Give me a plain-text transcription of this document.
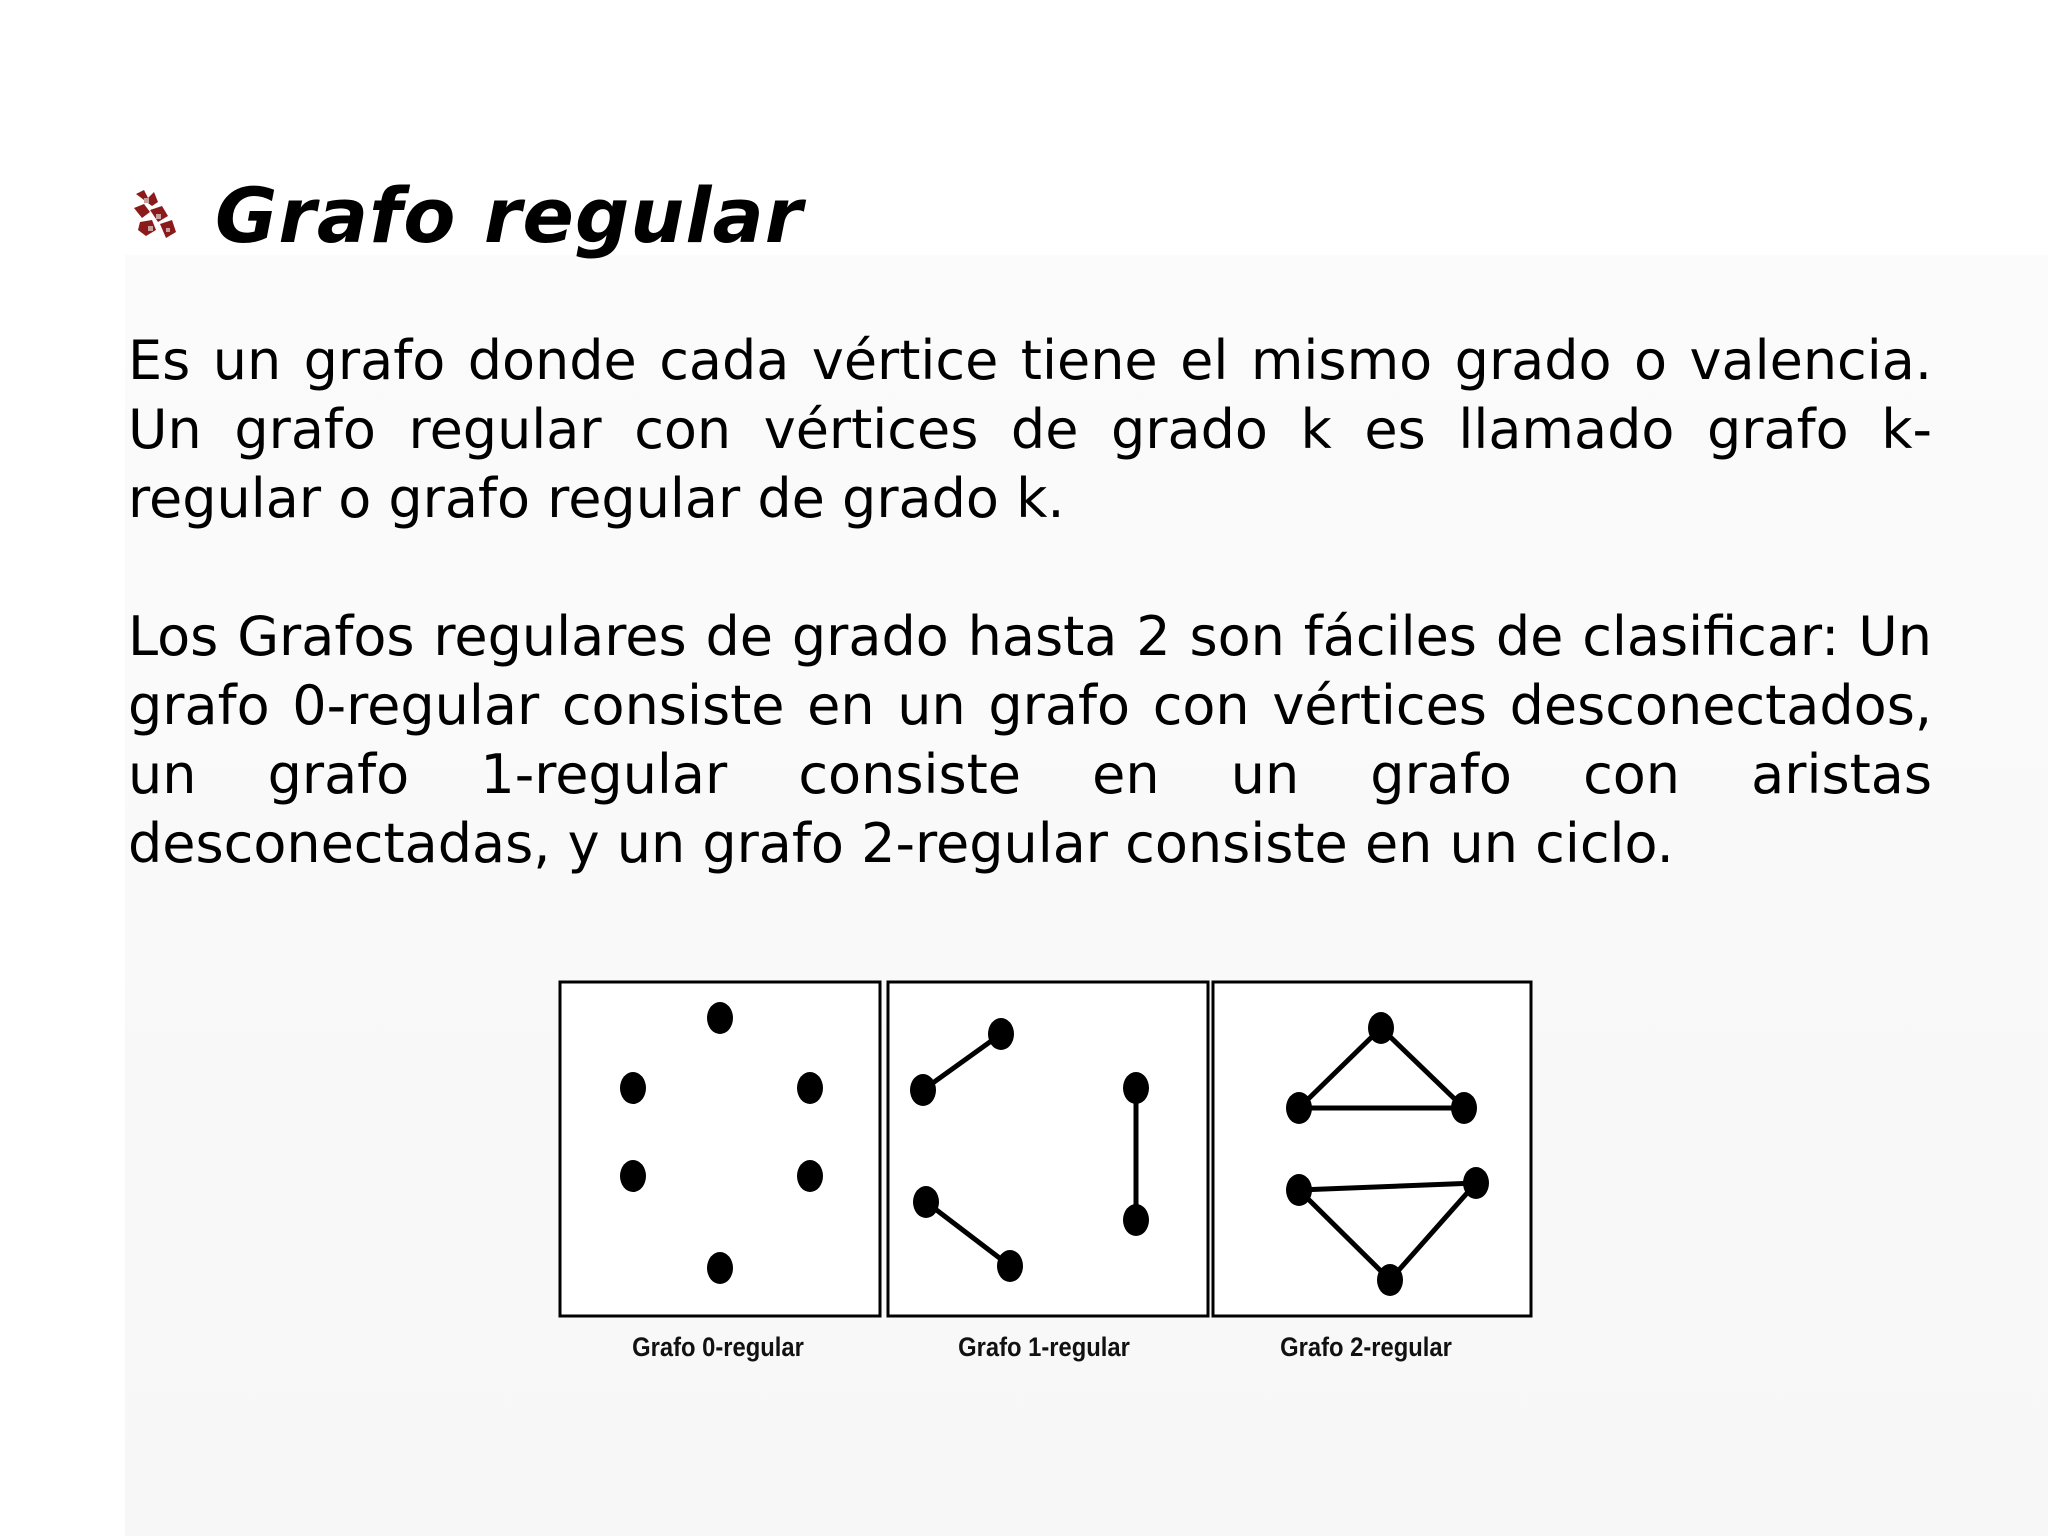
Grafo regular

Es un grafo donde cada vértice tiene el mismo grado o valencia. Un grafo regular con vértices de grado k es llamado grafo k-regular o grafo regular de grado k.

Los Grafos regulares de grado hasta 2 son fáciles de clasificar: Un grafo 0-regular consiste en un grafo con vértices desconectados, un grafo 1-regular consiste en un grafo con aristas desconectadas, y un grafo 2-regular consiste en un ciclo.

Grafo 0-regular	Grafo 1-regular	Grafo 2-regular
